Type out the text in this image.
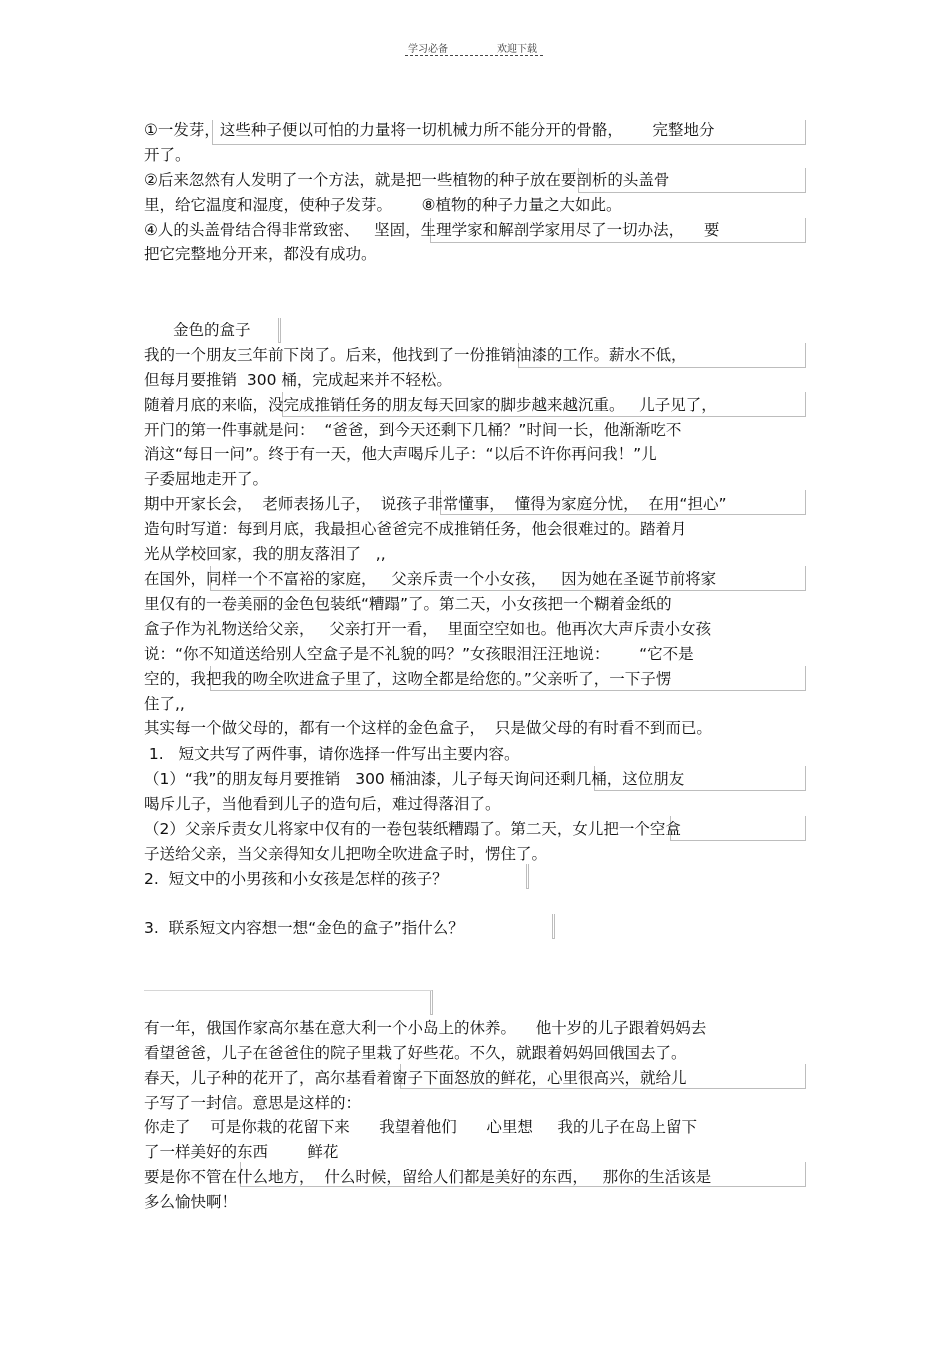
学习必备	欢迎下载
①一发芽，这些种子便以可怕的力量将一切机械力所不能分开的骨骼，      完整地分
开了。
②后来忽然有人发明了一个方法，就是把一些植物的种子放在要剖析的头盖骨
里，给它温度和湿度，使种子发芽。      ⑧植物的种子力量之大如此。
④人的头盖骨结合得非常致密、   坚固，生理学家和解剖学家用尽了一切办法，    要
把它完整地分开来，都没有成功。
金色的盒子
我的一个朋友三年前下岗了。后来，他找到了一份推销油漆的工作。薪水不低，
但每月要推销  300 桶，完成起来并不轻松。
随着月底的来临，没完成推销任务的朋友每天回家的脚步越来越沉重。   儿子见了，
开门的第一件事就是问：  “爸爸，到今天还剩下几桶？”时间一长，他渐渐吃不
消这“每日一问”。终于有一天，他大声喝斥儿子：“以后不许你再问我！”儿
子委屈地走开了。
期中开家长会，  老师表扬儿子，  说孩子非常懂事，  懂得为家庭分忧，  在用“担心”
造句时写道：每到月底，我最担心爸爸完不成推销任务，他会很难过的。踏着月
光从学校回家，我的朋友落泪了   ,,
在国外，同样一个不富裕的家庭，   父亲斥责一个小女孩，   因为她在圣诞节前将家
里仅有的一卷美丽的金色包装纸“糟蹋”了。第二天，小女孩把一个糊着金纸的
盒子作为礼物送给父亲，   父亲打开一看，  里面空空如也。他再次大声斥责小女孩
说：“你不知道送给别人空盒子是不礼貌的吗？”女孩眼泪汪汪地说：      “它不是
空的，我把我的吻全吹进盒子里了，这吻全都是给您的。”父亲听了，一下子愣
住了,,
其实每一个做父母的，都有一个这样的金色盒子，  只是做父母的有时看不到而已。
1.   短文共写了两件事，请你选择一件写出主要内容。
（1）“我”的朋友每月要推销   300 桶油漆，儿子每天询问还剩几桶，这位朋友
喝斥儿子，当他看到儿子的造句后，难过得落泪了。
（2）父亲斥责女儿将家中仅有的一卷包装纸糟蹋了。第二天，女儿把一个空盒
子送给父亲，当父亲得知女儿把吻全吹进盒子时，愣住了。
2.  短文中的小男孩和小女孩是怎样的孩子？
3.  联系短文内容想一想“金色的盒子”指什么？
有一年，俄国作家高尔基在意大利一个小岛上的休养。    他十岁的儿子跟着妈妈去
看望爸爸，儿子在爸爸住的院子里栽了好些花。不久，就跟着妈妈回俄国去了。
春天，儿子种的花开了，高尔基看着窗子下面怒放的鲜花，心里很高兴，就给儿
子写了一封信。意思是这样的：
你走了    可是你栽的花留下来      我望着他们      心里想     我的儿子在岛上留下
了一样美好的东西        鲜花
要是你不管在什么地方，  什么时候，留给人们都是美好的东西，   那你的生活该是
多么愉快啊！
